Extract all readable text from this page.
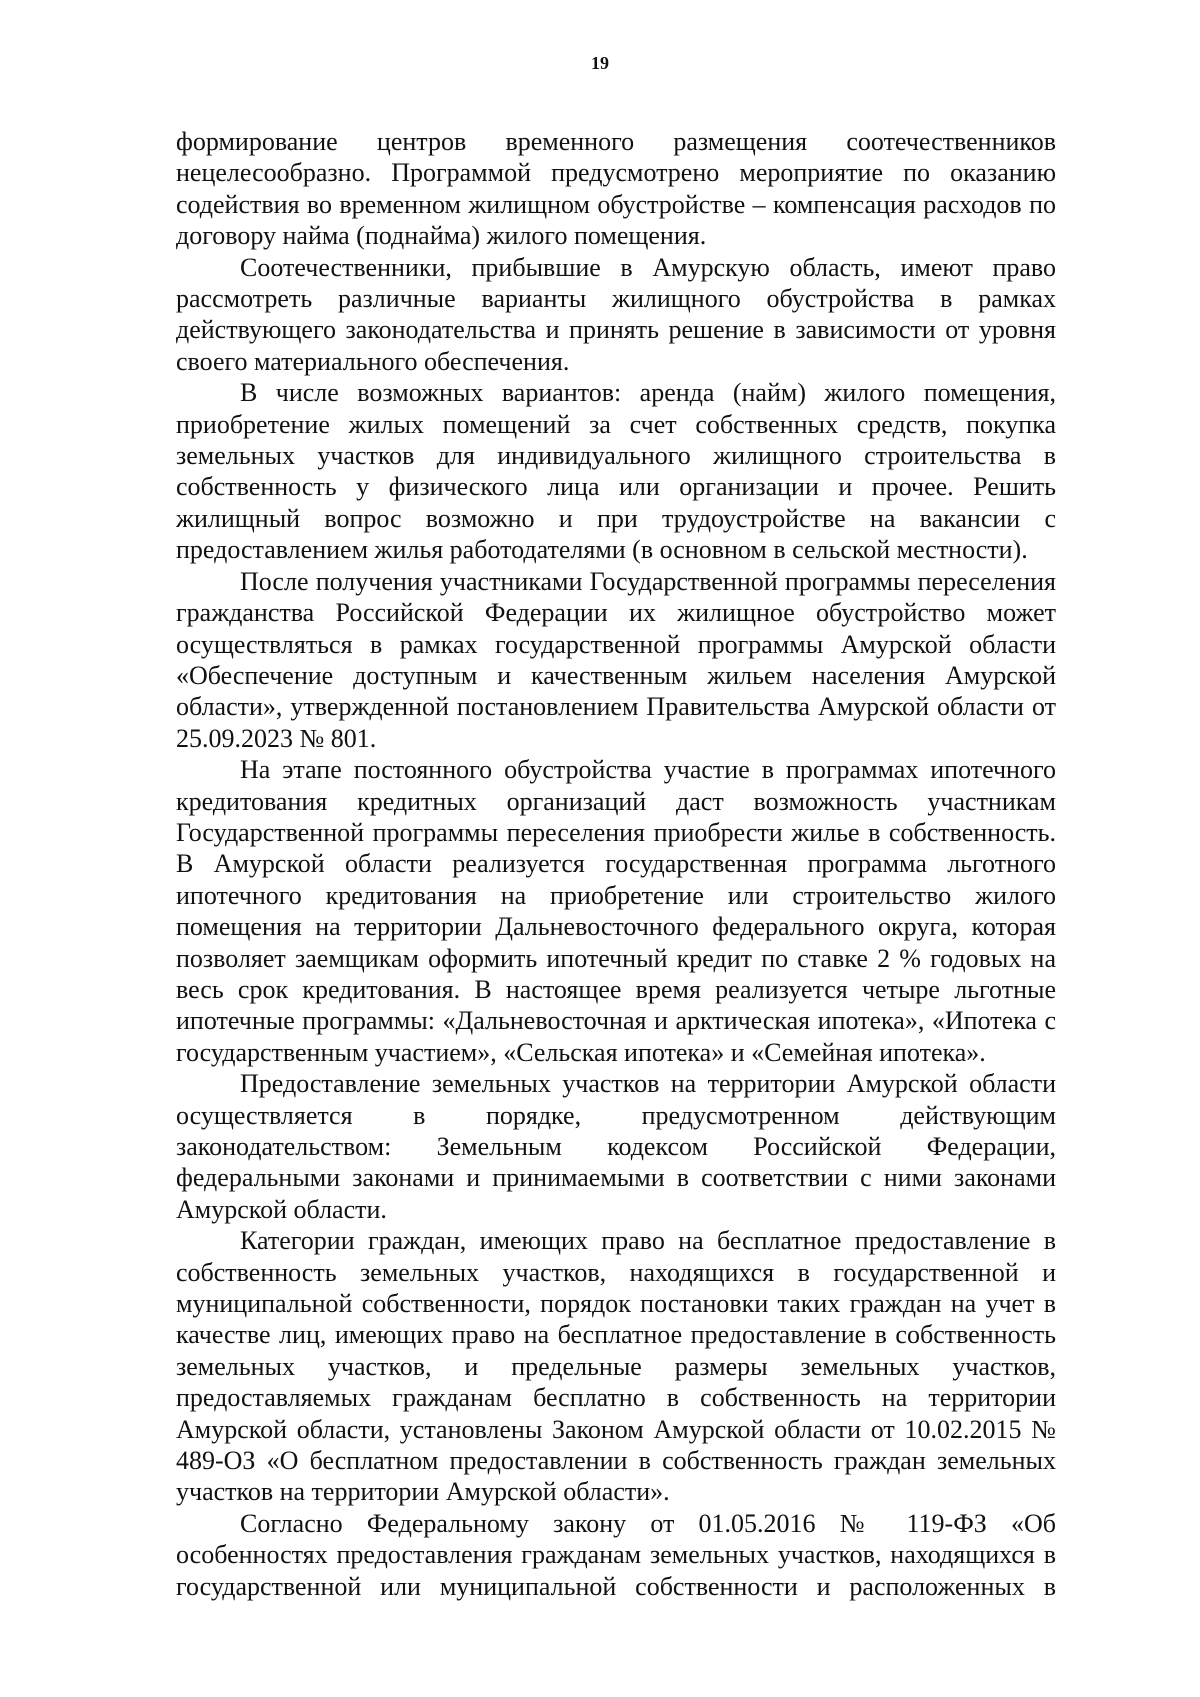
19

формирование центров временного размещения соотечественников нецелесообразно. Программой предусмотрено мероприятие по оказанию содействия во временном жилищном обустройстве – компенсация расходов по договору найма (поднайма) жилого помещения.

Соотечественники, прибывшие в Амурскую область, имеют право рассмотреть различные варианты жилищного обустройства в рамках действующего законодательства и принять решение в зависимости от уровня своего материального обеспечения.

В числе возможных вариантов: аренда (найм) жилого помещения, приобретение жилых помещений за счет собственных средств, покупка земельных участков для индивидуального жилищного строительства в собственность у физического лица или организации и прочее. Решить жилищный вопрос возможно и при трудоустройстве на вакансии с предоставлением жилья работодателями (в основном в сельской местности).

После получения участниками Государственной программы переселения гражданства Российской Федерации их жилищное обустройство может осуществляться в рамках государственной программы Амурской области «Обеспечение доступным и качественным жильем населения Амурской области», утвержденной постановлением Правительства Амурской области от 25.09.2023 № 801.

На этапе постоянного обустройства участие в программах ипотечного кредитования кредитных организаций даст возможность участникам Государственной программы переселения приобрести жилье в собственность. В Амурской области реализуется государственная программа льготного ипотечного кредитования на приобретение или строительство жилого помещения на территории Дальневосточного федерального округа, которая позволяет заемщикам оформить ипотечный кредит по ставке 2 % годовых на весь срок кредитования. В настоящее время реализуется четыре льготные ипотечные программы: «Дальневосточная и арктическая ипотека», «Ипотека с государственным участием», «Сельская ипотека» и «Семейная ипотека».

Предоставление земельных участков на территории Амурской области осуществляется в порядке, предусмотренном действующим законодательством: Земельным кодексом Российской Федерации, федеральными законами и принимаемыми в соответствии с ними законами Амурской области.

Категории граждан, имеющих право на бесплатное предоставление в собственность земельных участков, находящихся в государственной и муниципальной собственности, порядок постановки таких граждан на учет в качестве лиц, имеющих право на бесплатное предоставление в собственность земельных участков, и предельные размеры земельных участков, предоставляемых гражданам бесплатно в собственность на территории Амурской области, установлены Законом Амурской области от 10.02.2015 № 489-ОЗ «О бесплатном предоставлении в собственность граждан земельных участков на территории Амурской области».

Согласно Федеральному закону от 01.05.2016 № 119-ФЗ «Об особенностях предоставления гражданам земельных участков, находящихся в государственной или муниципальной собственности и расположенных в
